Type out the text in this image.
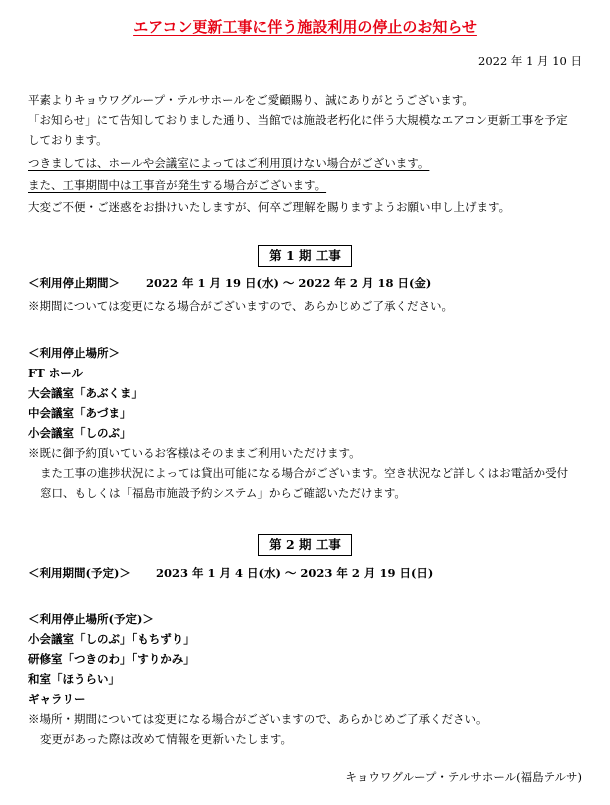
エアコン更新工事に伴う施設利用の停止のお知らせ
2022 年 1 月 10 日
平素よりキョウワグループ・テルサホールをご愛顧賜り、誠にありがとうございます。
「お知らせ」にて告知しておりました通り、当館では施設老朽化に伴う大規模なエアコン更新工事を予定
しております。
つきましては、ホールや会議室によってはご利用頂けない場合がございます。
また、工事期間中は工事音が発生する場合がございます。
大変ご不便・ご迷惑をお掛けいたしますが、何卒ご理解を賜りますようお願い申し上げます。
第 1 期 工事
＜利用停止期間＞ 2022 年 1 月 19 日(水) 〜 2022 年 2 月 18 日(金)
※期間については変更になる場合がございますので、あらかじめご了承ください。
＜利用停止場所＞
FT ホール
大会議室「あぶくま」
中会議室「あづま」
小会議室「しのぶ」
※既に御予約頂いているお客様はそのままご利用いただけます。
また工事の進捗状況によっては貸出可能になる場合がございます。空き状況など詳しくはお電話か受付
窓口、もしくは「福島市施設予約システム」からご確認いただけます。
第 2 期 工事
＜利用期間(予定)＞ 2023 年 1 月 4 日(水) 〜 2023 年 2 月 19 日(日)
＜利用停止場所(予定)＞
小会議室「しのぶ」「もちずり」
研修室「つきのわ」「すりかみ」
和室「ほうらい」
ギャラリー
※場所・期間については変更になる場合がございますので、あらかじめご了承ください。
変更があった際は改めて情報を更新いたします。
キョウワグループ・テルサホール(福島テルサ)
